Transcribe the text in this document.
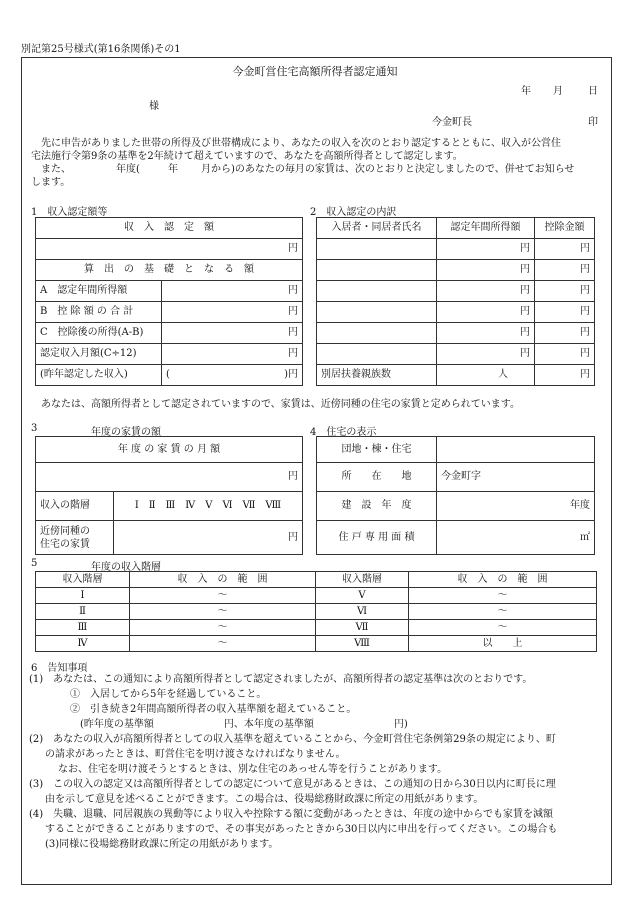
別記第25号様式(第16条関係)その1
今金町営住宅高額所得者認定通知
年 月	日
様
今金町長	印
先に申告がありました世帯の所得及び世帯構成により、あなたの収入を次のとおり認定するとともに、収入が公営住
宅法施行令第9条の基準を2年続けて超えていますので、あなたを高額所得者として認定します。
また、	年度(	年 月から)のあなたの毎月の家賃は、次のとおりと決定しましたので、併せてお知らせ
します。
1　収入認定額等
収　入　認　定　額	
円	
算　出　の　基　礎　と　な　る　額	
A　認定年間所得額	円
B　控 除 額 の 合 計	円
C　控除後の所得(A-B)	円
認定収入月額(C÷12)	円
(昨年認定した収入)	( )円
2　収入認定の内訳
入居者・同居者氏名	認定年間所得額	控除金額
	円	円
	円	円
	円	円
	円	円
	円	円
	円	円
別居扶養親族数	人	円
あなたは、高額所得者として認定されていますので、家賃は、近傍同種の住宅の家賃と定められています。
3	年度の家賃の額
年 度 の 家 賃 の 月 額	
円	
収入の階層	Ⅰ　Ⅱ　Ⅲ　Ⅳ　Ⅴ　Ⅵ　Ⅶ　Ⅷ

近傍同種の
住宅の家賃	円
4　住宅の表示
団地・棟・住宅	
所　　在　　地	今金町字
建　設　年　度	年度
住 戸 専 用 面 積	㎡
5	年度の収入階層
収入階層	収　入　の　範　囲	収入階層	収　入　の　範　囲
Ⅰ	～	Ⅴ	～
Ⅱ	～	Ⅵ	～
Ⅲ	～	Ⅶ	～
Ⅳ	～	Ⅷ	以　　上
6　告知事項
(1)　あなたは、この通知により高額所得者として認定されましたが、高額所得者の認定基準は次のとおりです。
①　入居してから5年を経過していること。
②　引き続き2年間高額所得者の収入基準額を超えていること。
(昨年度の基準額　　　　　　　円、本年度の基準額　　　　　　　　円)
(2)　あなたの収入が高額所得者としての収入基準を超えていることから、今金町営住宅条例第29条の規定により、町
の請求があったときは、町営住宅を明け渡さなければなりません。
なお、住宅を明け渡そうとするときは、別な住宅のあっせん等を行うことがあります。
(3)　この収入の認定又は高額所得者としての認定について意見があるときは、この通知の日から30日以内に町長に理
由を示して意見を述べることができます。この場合は、役場総務財政課に所定の用紙があります。
(4)　失職、退職、同居親族の異動等により収入や控除する額に変動があったときは、年度の途中からでも家賃を減額
することができることがありますので、その事実があったときから30日以内に申出を行ってください。この場合も
(3)同様に役場総務財政課に所定の用紙があります。
